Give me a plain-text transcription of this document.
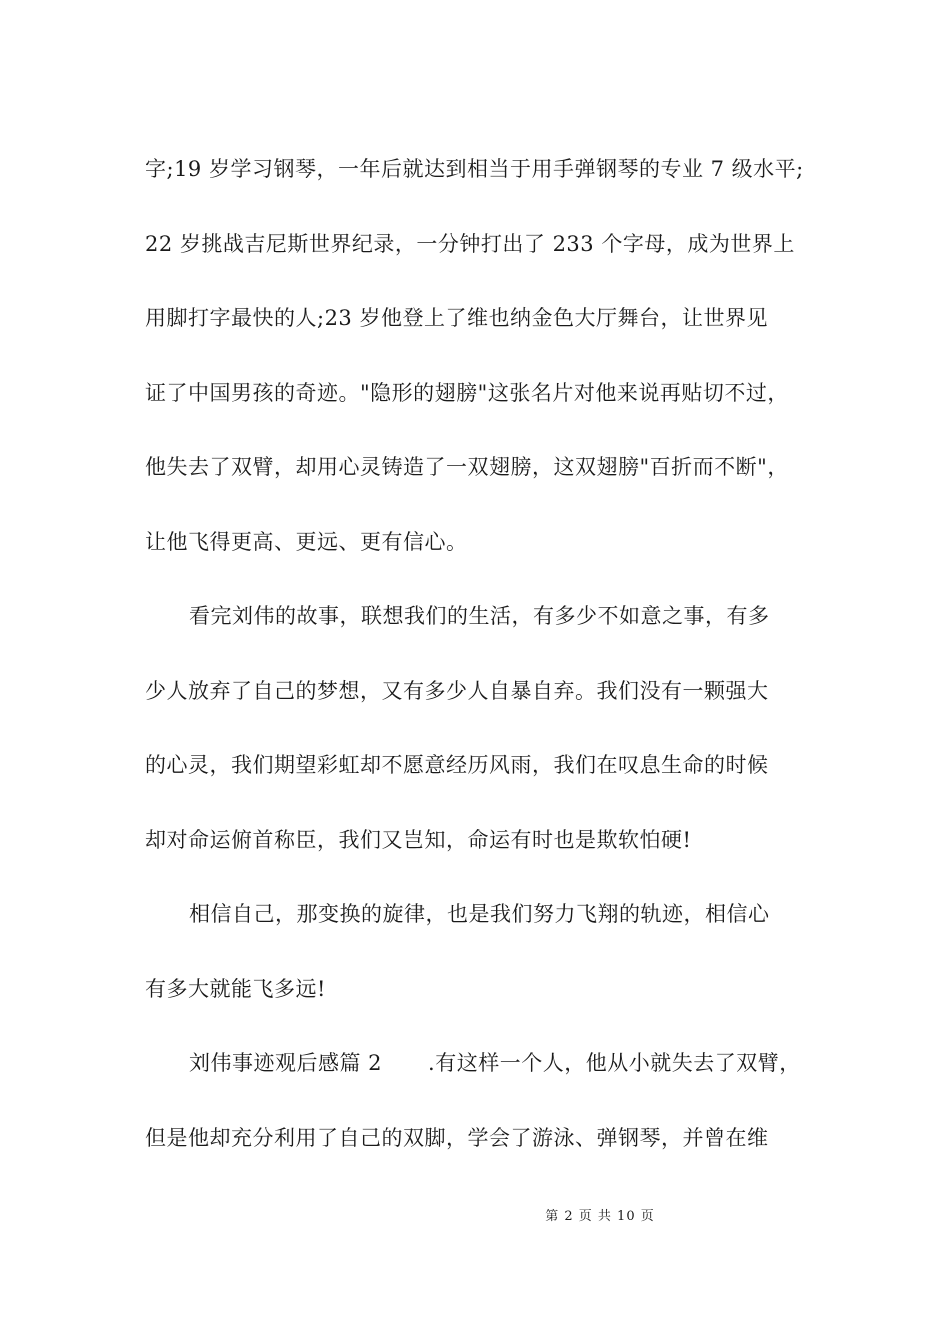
字;19 岁学习钢琴，一年后就达到相当于用手弹钢琴的专业 7 级水平;
22 岁挑战吉尼斯世界纪录，一分钟打出了 233 个字母，成为世界上
用脚打字最快的人;23 岁他登上了维也纳金色大厅舞台，让世界见
证了中国男孩的奇迹。"隐形的翅膀"这张名片对他来说再贴切不过，
他失去了双臂，却用心灵铸造了一双翅膀，这双翅膀"百折而不断"，
让他飞得更高、更远、更有信心。
看完刘伟的故事，联想我们的生活，有多少不如意之事，有多
少人放弃了自己的梦想，又有多少人自暴自弃。我们没有一颗强大
的心灵，我们期望彩虹却不愿意经历风雨，我们在叹息生命的时候
却对命运俯首称臣，我们又岂知，命运有时也是欺软怕硬!
相信自己，那变换的旋律，也是我们努力飞翔的轨迹，相信心
有多大就能飞多远!
刘伟事迹观后感篇 2 .有这样一个人，他从小就失去了双臂，
但是他却充分利用了自己的双脚，学会了游泳、弹钢琴，并曾在维
第 2 页 共 10 页
